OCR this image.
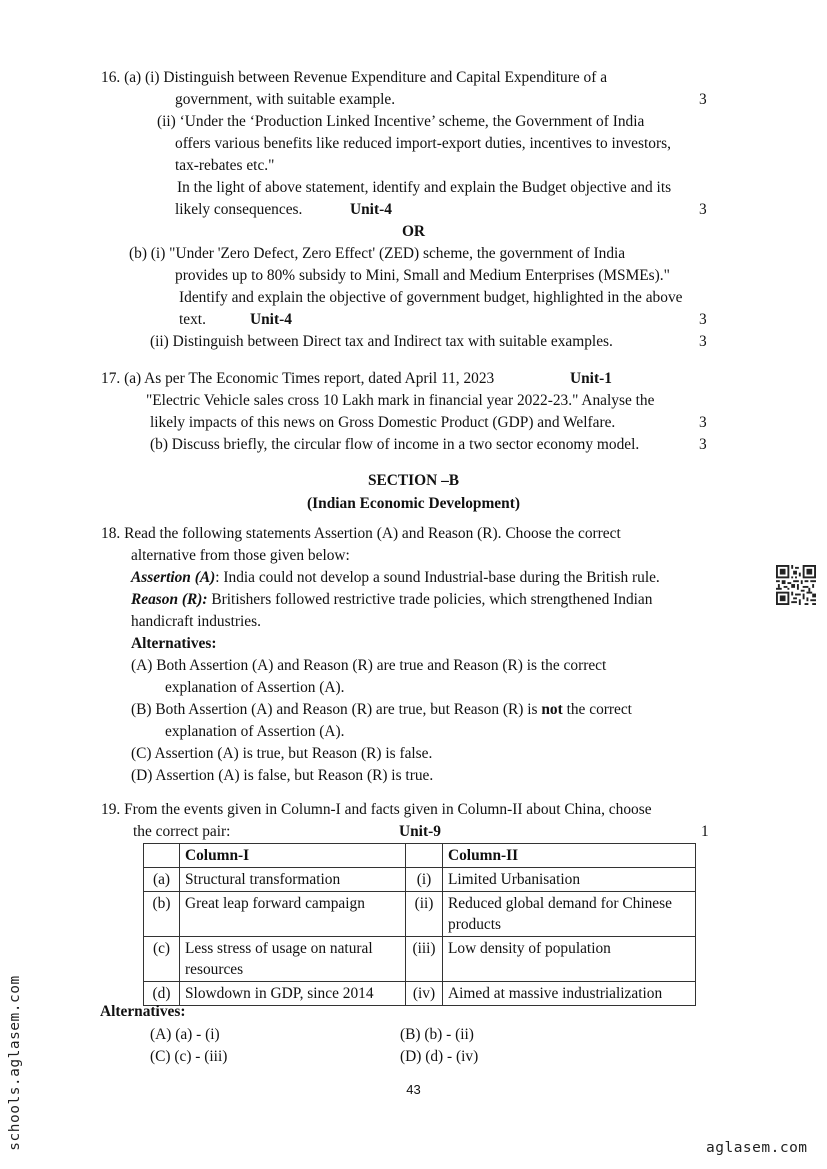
16. (a) (i) Distinguish between Revenue Expenditure and Capital Expenditure of a
government, with suitable example.	3
(ii) ‘Under the ‘Production Linked Incentive’ scheme, the Government of India
offers various benefits like reduced import-export duties, incentives to investors,
tax-rebates etc."
In the light of above statement, identify and explain the Budget objective and its
likely consequences.	Unit-4	3
OR
(b) (i) "Under 'Zero Defect, Zero Effect' (ZED) scheme, the government of India
provides up to 80% subsidy to Mini, Small and Medium Enterprises (MSMEs)."
Identify and explain the objective of government budget, highlighted in the above
text.	Unit-4	3
(ii) Distinguish between Direct tax and Indirect tax with suitable examples.	3
17. (a) As per The Economic Times report, dated April 11, 2023	Unit-1
"Electric Vehicle sales cross 10 Lakh mark in financial year 2022-23." Analyse the
likely impacts of this news on Gross Domestic Product (GDP) and Welfare.	3
(b) Discuss briefly, the circular flow of income in a two sector economy model.	3
SECTION –B
(Indian Economic Development)
18. Read the following statements Assertion (A) and Reason (R). Choose the correct
alternative from those given below:
Assertion (A): India could not develop a sound Industrial-base during the British rule.
Reason (R): Britishers followed restrictive trade policies, which strengthened Indian
handicraft industries.
Alternatives:
(A) Both Assertion (A) and Reason (R) are true and Reason (R) is the correct
explanation of Assertion (A).
(B) Both Assertion (A) and Reason (R) are true, but Reason (R) is not the correct
explanation of Assertion (A).
(C) Assertion (A) is true, but Reason (R) is false.
(D) Assertion (A) is false, but Reason (R) is true.
19. From the events given in Column-I and facts given in Column-II about China, choose
the correct pair:	Unit-9	1
	Column-I		Column-II
(a)	Structural transformation	(i)	Limited Urbanisation
(b)	Great leap forward campaign	(ii)	Reduced global demand for Chinese products
(c)	Less stress of usage on natural resources	(iii)	Low density of population
(d)	Slowdown in GDP, since 2014	(iv)	Aimed at massive industrialization
Alternatives:
(A) (a) - (i)	(B) (b) - (ii)
(C) (c) - (iii)	(D) (d) - (iv)
43
schools.aglasem.com	aglasem.com
